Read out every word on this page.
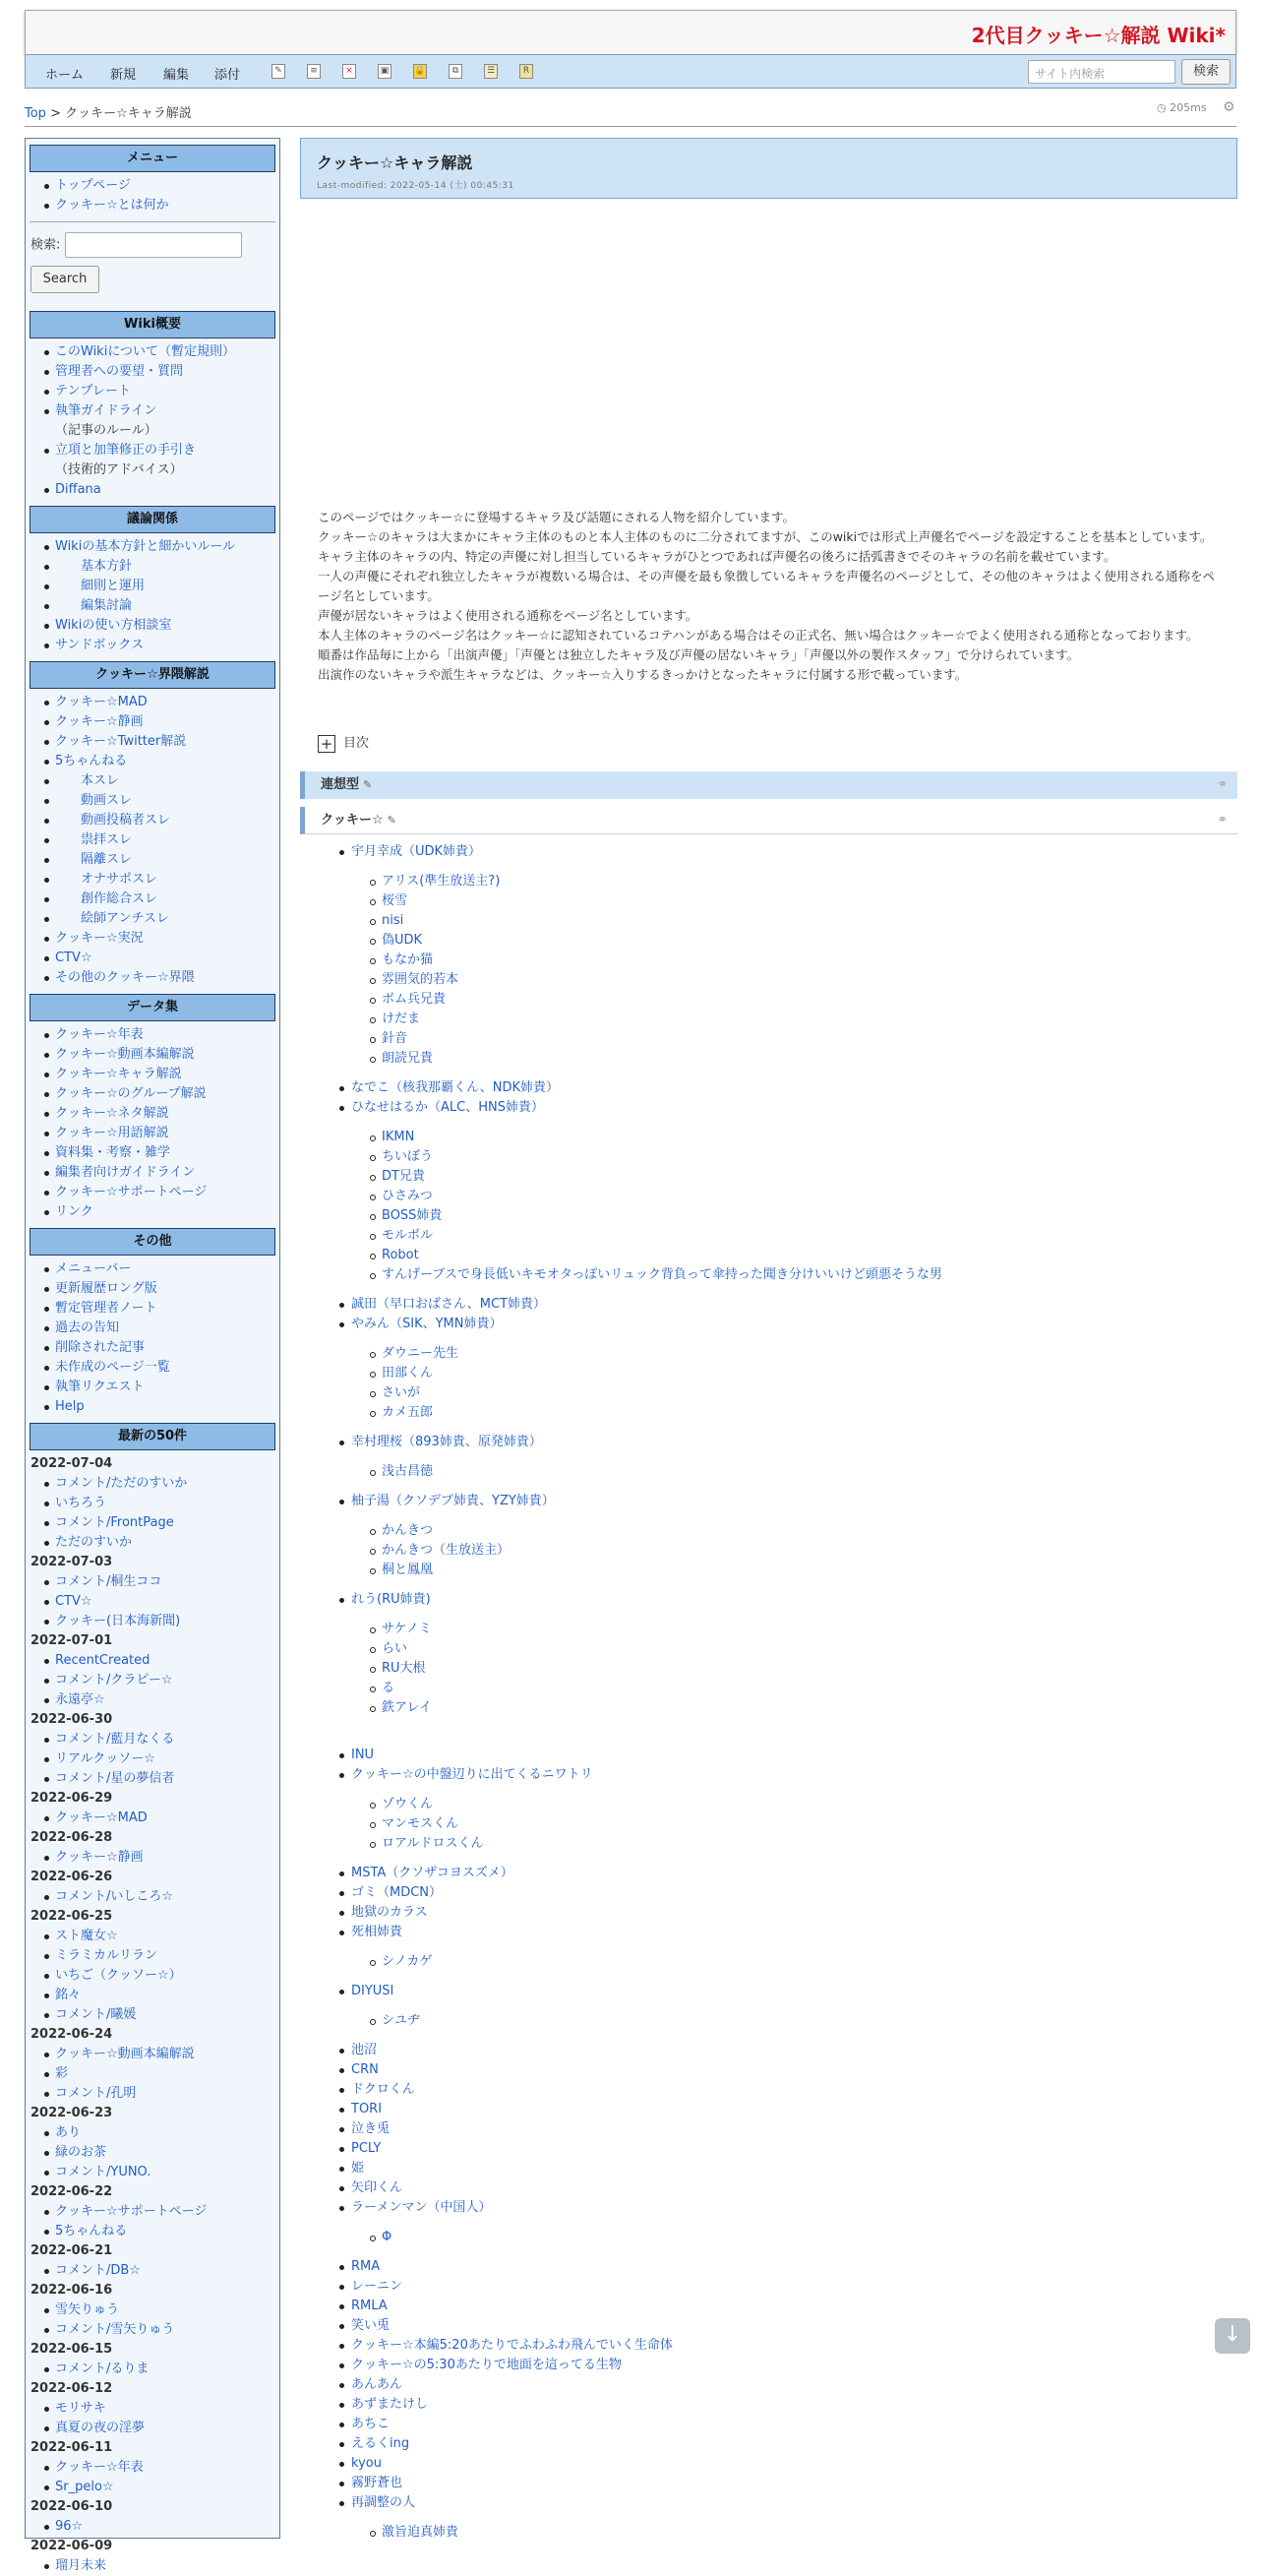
2代目クッキー☆解説 Wiki*
ホーム 新規 編集 添付	✎	≡	×	▣	🔒	⧉	☰	R	サイト内検索	検索
Top > クッキー☆キャラ解説	◷ 205ms ⚙
メニュー
トップページ
クッキー☆とは何か
検索:
Search
Wiki概要
このWikiについて（暫定規則）
管理者への要望・質問
テンプレート
執筆ガイドライン
（記事のルール）
立項と加筆修正の手引き
（技術的アドバイス）
Diffana
議論関係
Wikiの基本方針と細かいルール
基本方針
細則と運用
編集討論
Wikiの使い方相談室
サンドボックス
クッキー☆界隈解説
クッキー☆MAD
クッキー☆静画
クッキー☆Twitter解説
5ちゃんねる
本スレ
動画スレ
動画投稿者スレ
祟拝スレ
隔離スレ
オナサポスレ
創作総合スレ
絵師アンチスレ
クッキー☆実況
CTV☆
その他のクッキー☆界隈
データ集
クッキー☆年表
クッキー☆動画本編解説
クッキー☆キャラ解説
クッキー☆のグループ解説
クッキー☆ネタ解説
クッキー☆用語解説
資料集・考察・雑学
編集者向けガイドライン
クッキー☆サポートページ
リンク
その他
メニューバー
更新履歴ロング版
暫定管理者ノート
過去の告知
削除された記事
未作成のページ一覧
執筆リクエスト
Help
最新の50件
2022-07-04
コメント/ただのすいか
いちろう
コメント/FrontPage
ただのすいか
2022-07-03
コメント/桐生ココ
CTV☆
クッキー(日本海新聞)
2022-07-01
RecentCreated
コメント/クラピー☆
永遠亭☆
2022-06-30
コメント/藍月なくる
リアルクッソー☆
コメント/星の夢信者
2022-06-29
クッキー☆MAD
2022-06-28
クッキー☆静画
2022-06-26
コメント/いしころ☆
2022-06-25
スト魔女☆
ミラミカルリラン
いちご（クッソー☆）
銘々
コメント/曦媛
2022-06-24
クッキー☆動画本編解説
彩
コメント/孔明
2022-06-23
あり
緑のお茶
コメント/YUNO.
2022-06-22
クッキー☆サポートページ
5ちゃんねる
2022-06-21
コメント/DB☆
2022-06-16
雪矢りゅう
コメント/雪矢りゅう
2022-06-15
コメント/るりま
2022-06-12
モリサキ
真夏の夜の淫夢
2022-06-11
クッキー☆年表
Sr_pelo☆
2022-06-10
96☆
2022-06-09
瑠月未来
クッキー☆キャラ解説
Last-modified: 2022-05-14 (土) 00:45:31
このページではクッキー☆に登場するキャラ及び話題にされる人物を紹介しています。
クッキー☆のキャラは大まかにキャラ主体のものと本人主体のものに二分されてますが、このwikiでは形式上声優名でページを設定することを基本としています。
キャラ主体のキャラの内、特定の声優に対し担当しているキャラがひとつであれば声優名の後ろに括弧書きでそのキャラの名前を載せています。
一人の声優にそれぞれ独立したキャラが複数いる場合は、その声優を最も象徴しているキャラを声優名のページとして、その他のキャラはよく使用される通称をページ名としています。
声優が居ないキャラはよく使用される通称をページ名としています。
本人主体のキャラのページ名はクッキー☆に認知されているコテハンがある場合はその正式名、無い場合はクッキー☆でよく使用される通称となっております。
順番は作品毎に上から「出演声優」「声優とは独立したキャラ及び声優の居ないキャラ」「声優以外の製作スタッフ」で分けられています。
出演作のないキャラや派生キャラなどは、クッキー☆入りするきっかけとなったキャラに付属する形で載っています。
+ 目次
連想型 ✎	⚭
クッキー☆ ✎	⚭
宇月幸成（UDK姉貴）
アリス(準生放送主?)
桜雪
nisi
偽UDK
もなか猫
雰囲気的若本
ボム兵兄貴
けだま
針音
朗読兄貴
なでこ（核我那覇くん、NDK姉貴）
ひなせはるか（ALC、HNS姉貴）
IKMN
ちいぼう
DT兄貴
ひさみつ
BOSS姉貴
モルボル
Robot
すんげーブスで身長低いキモオタっぽいリュック背負って傘持った聞き分けいいけど頭悪そうな男
誠田（早口おばさん、MCT姉貴）
やみん（SIK、YMN姉貴）
ダウニー先生
田部くん
さいが
カメ五郎
幸村理桜（893姉貴、原発姉貴）
浅古昌徳
柚子湯（クソデブ姉貴、YZY姉貴）
かんきつ
かんきつ（生放送主）
桐と鳳凰
れう(RU姉貴)
サケノミ
らい
RU大根
る
鉄アレイ
INU
クッキー☆の中盤辺りに出てくるニワトリ
ゾウくん
マンモスくん
ロアルドロスくん
MSTA（クソザコヨスズメ）
ゴミ（MDCN）
地獄のカラス
死相姉貴
シノカゲ
DIYUSI
シユヂ
池沼
CRN
ドクロくん
TORI
泣き兎
PCLY
姫
矢印くん
ラーメンマン（中国人）
Φ
RMA
レーニン
RMLA
笑い兎
クッキー☆本編5:20あたりでふわふわ飛んでいく生命体
クッキー☆の5:30あたりで地面を這ってる生物
あんあん
あずまたけし
あちこ
えるくing
kyou
霧野蒼也
再調整の人
激旨迫真姉貴
↓
